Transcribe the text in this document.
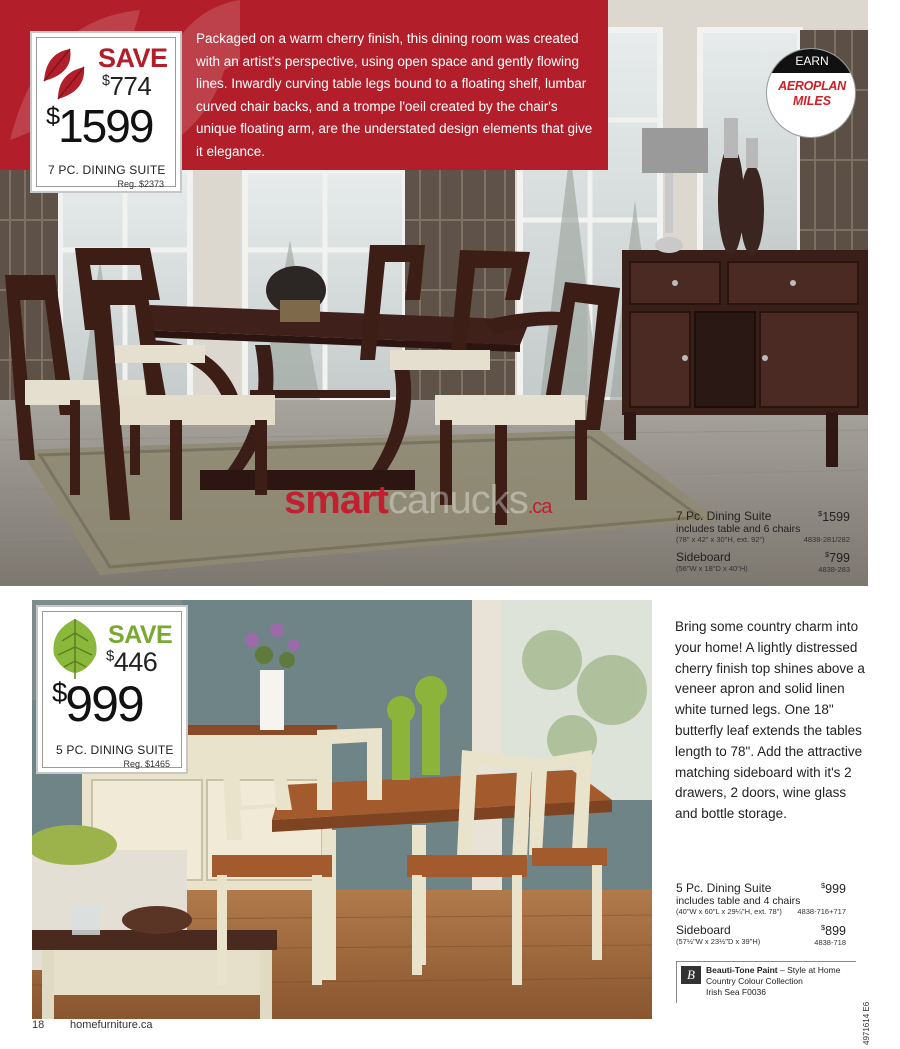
Packaged on a warm cherry finish, this dining room was created with an artist's perspective, using open space and gently flowing lines. Inwardly curving table legs bound to a floating shelf, lumbar curved chair backs, and a trompe l'oeil created by the chair's unique floating arm, are the understated design elements that give it elegance.
SAVE
$774
$1599
7 PC. DINING SUITE
Reg. $2373
EARN
AEROPLAN
MILES
smartcanucks.ca	7 Pc. Dining Suite
includes table and 6 chairs
(78" x 42" x 30"H, ext. 92")
$1599
4838-281/282
Sideboard
(56"W x 18"D x 40"H)
$799
4838-283
SAVE
$446
$999
5 PC. DINING SUITE
Reg. $1465
Bring some country charm into your home! A lightly distressed cherry finish top shines above a veneer apron and solid linen white turned legs. One 18" butterfly leaf extends the tables length to 78". Add the attractive matching sideboard with it's 2 drawers, 2 doors, wine glass and bottle storage.
5 Pc. Dining Suite
includes table and 4 chairs
(40"W x 60"L x 29¼"H, ext. 78")
$999
4838-716+717
Sideboard
(57½"W x 23½"D x 39"H)
$899
4838-718
B	Beauti-Tone Paint – Style at Home
Country Colour Collection
Irish Sea F0036
18 homefurniture.ca	4971614 E6
